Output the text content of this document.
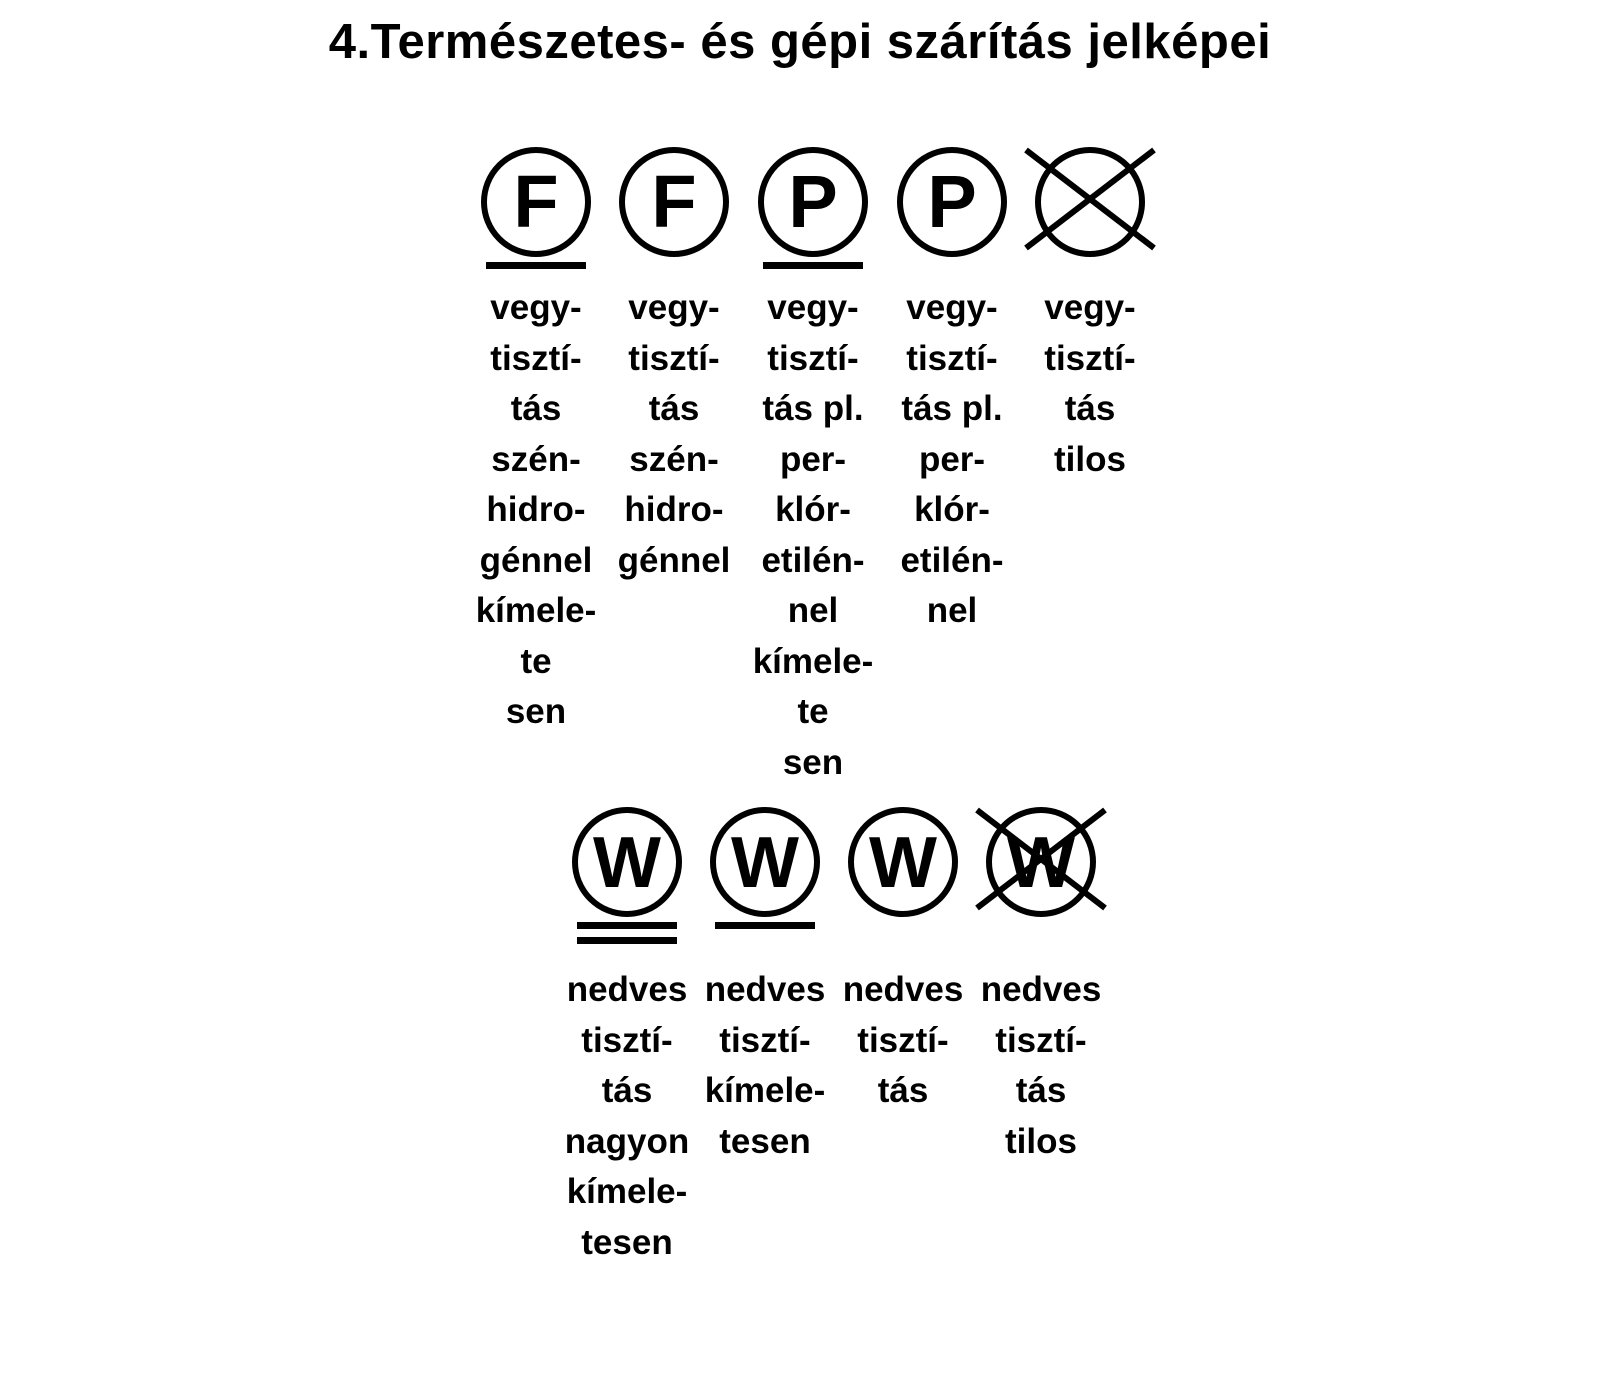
4.Természetes- és gépi szárítás jelképei
F
vegy-
tisztí-
tás
szén-
hidro-
génnel
kímele-
te
sen
F
vegy-
tisztí-
tás
szén-
hidro-
génnel
P
vegy-
tisztí-
tás pl.
per-
klór-
etilén-
nel
kímele-
te
sen
P
vegy-
tisztí-
tás pl.
per-
klór-
etilén-
nel
vegy-
tisztí-
tás
tilos
W
nedves
tisztí-
tás
nagyon
kímele-
tesen
W
nedves
tisztí-
kímele-
tesen
W
nedves
tisztí-
tás
W
nedves
tisztí-
tás
tilos
